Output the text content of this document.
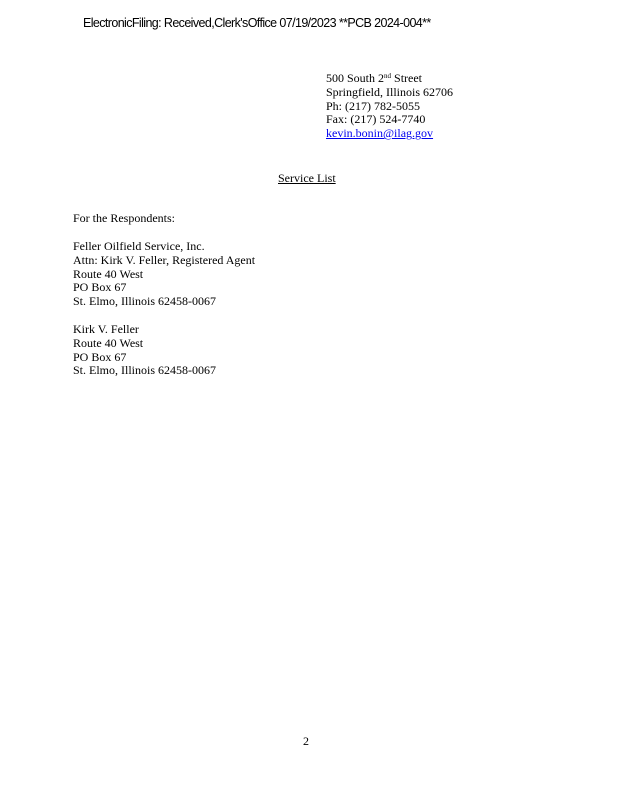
ElectronicFiling: Received,Clerk'sOffice 07/19/2023 **PCB 2024-004**
500 South 2nd Street
Springfield, Illinois 62706
Ph: (217) 782-5055
Fax: (217) 524-7740
kevin.bonin@ilag.gov
Service List
For the Respondents:
Feller Oilfield Service, Inc.
Attn: Kirk V. Feller, Registered Agent
Route 40 West
PO Box 67
St. Elmo, Illinois 62458-0067
Kirk V. Feller
Route 40 West
PO Box 67
St. Elmo, Illinois 62458-0067
2
